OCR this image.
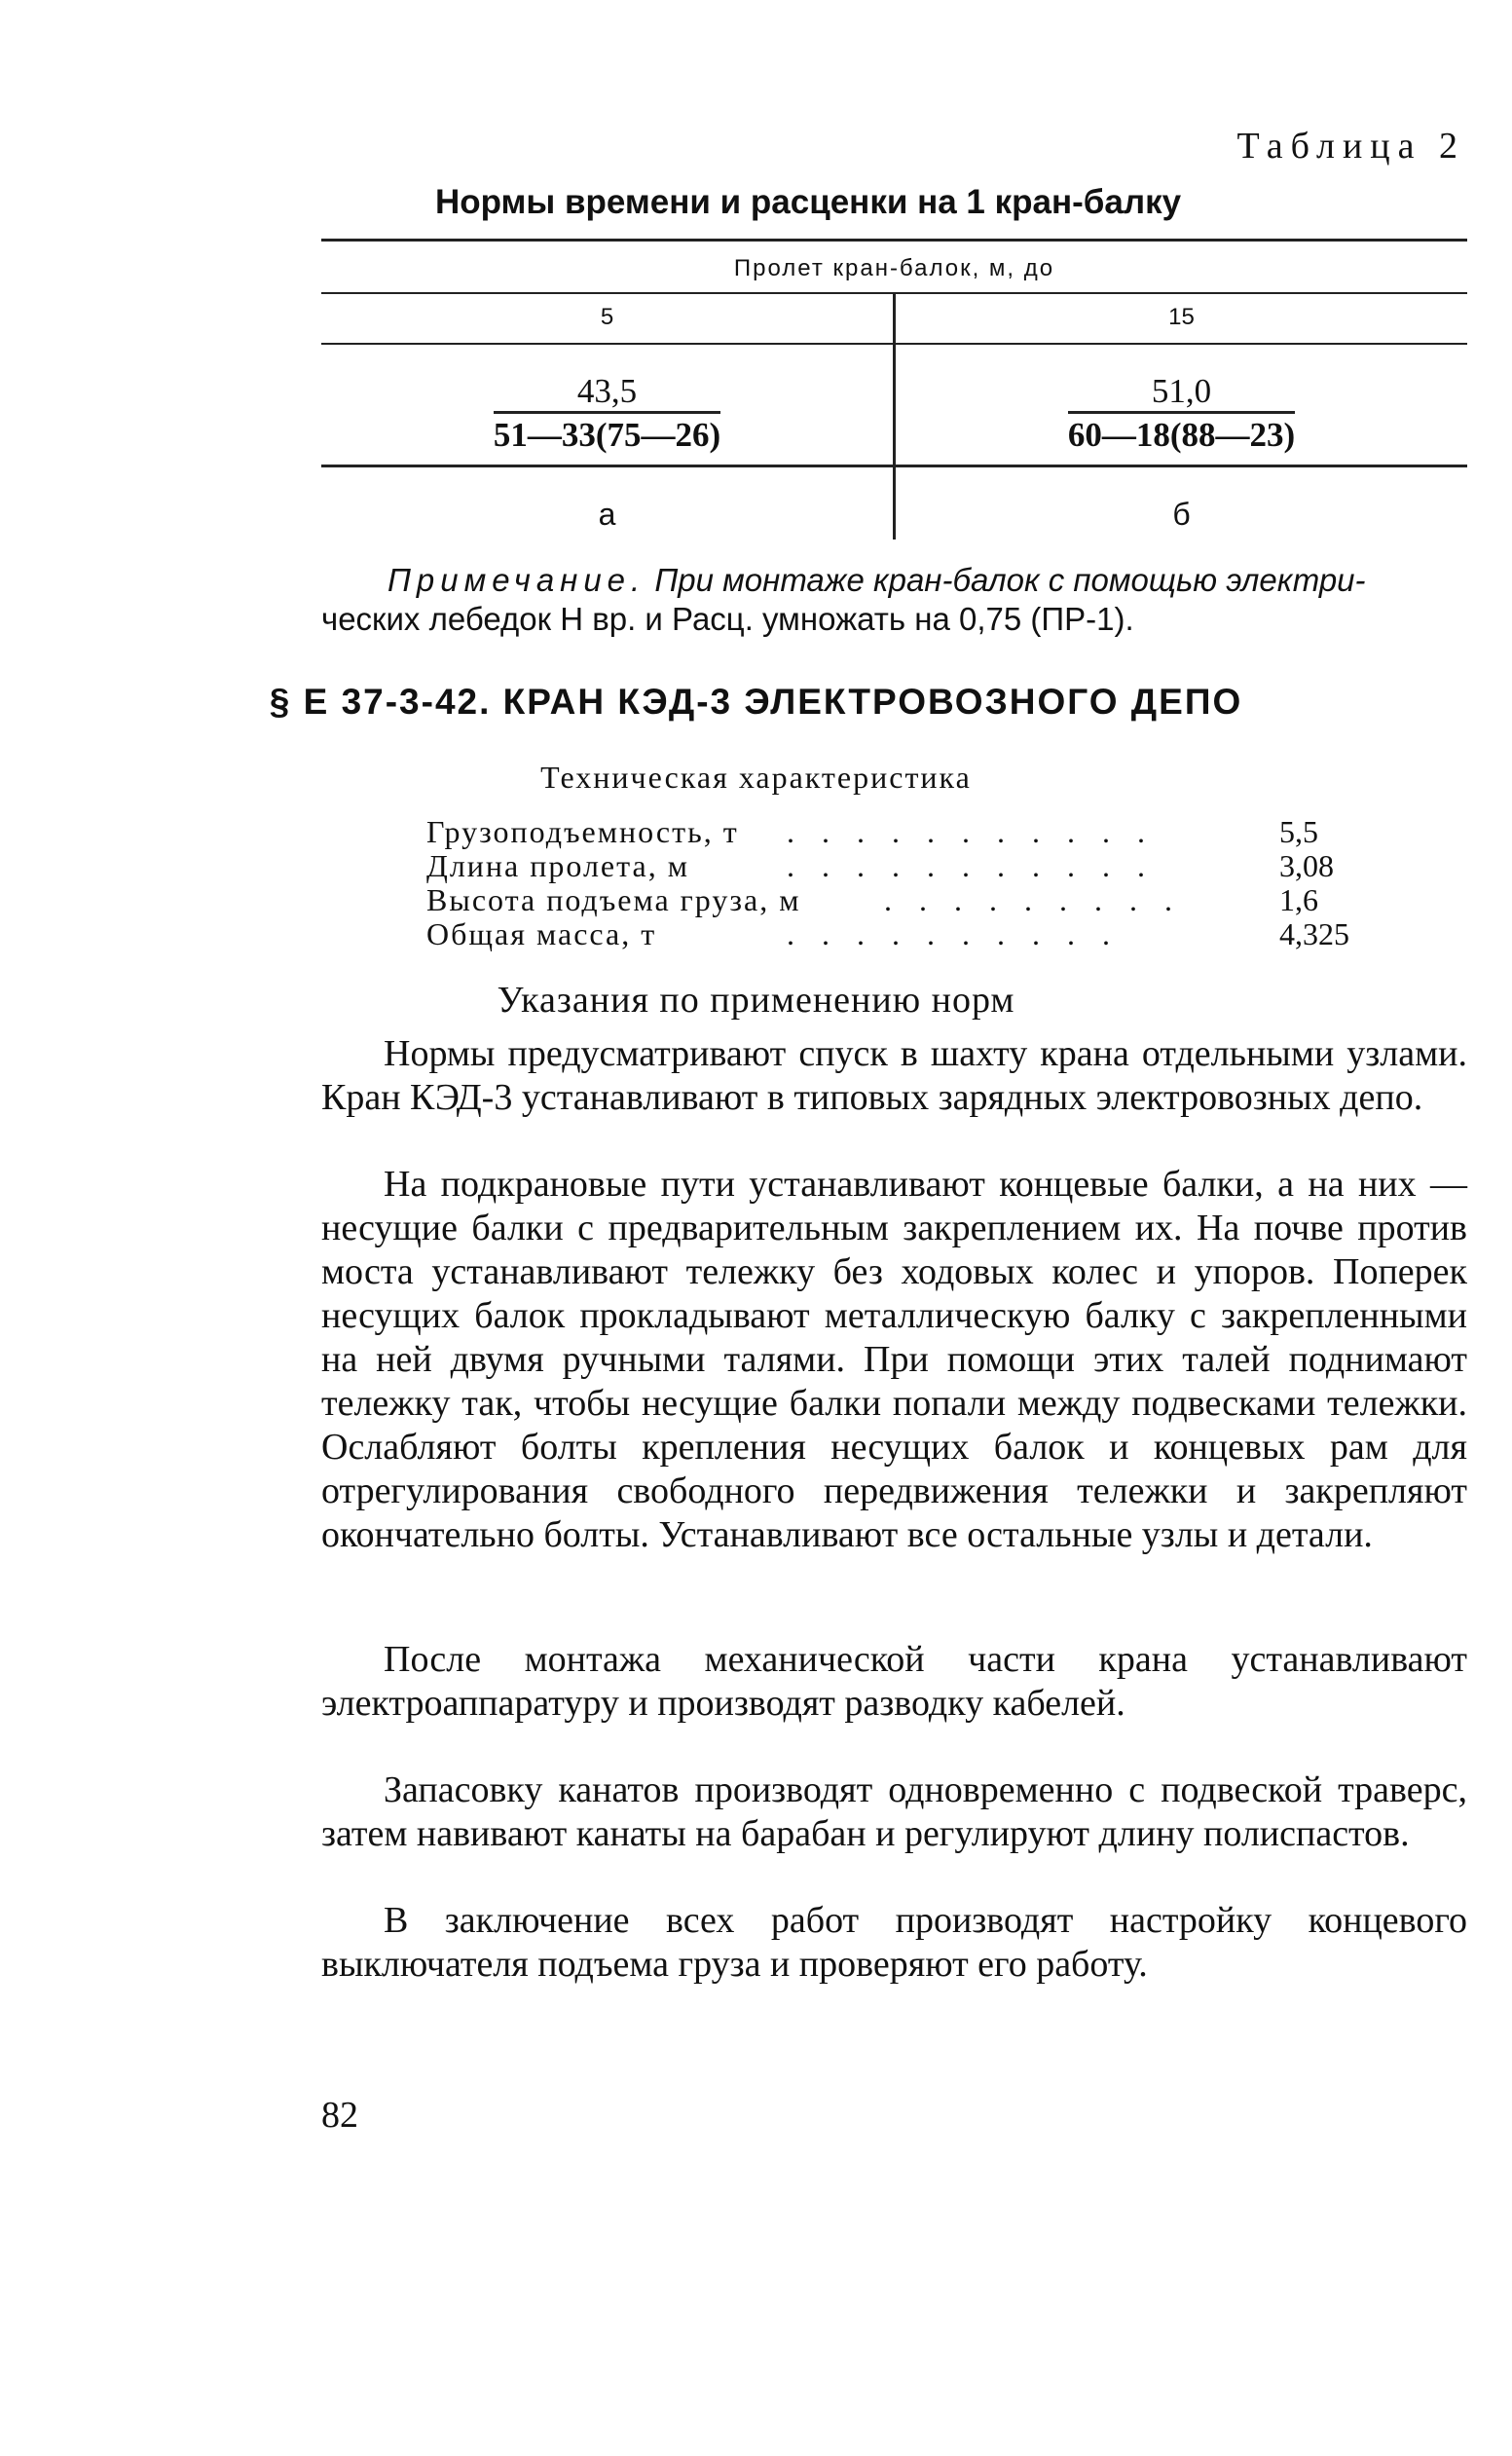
Таблица 2
Нормы времени и расценки на 1 кран-балку
Пролет кран-балок, м, до
5	15
$\frac{43,5}{51—33(75—26)}$	$\frac{51,0}{60—18(88—23)}$
а	б
Примечание. При монтаже кран-балок с помощью электри-
ческих лебедок Н вр. и Расц. умножать на 0,75 (ПР-1).
§ Е 37-3-42. КРАН КЭД-3 ЭЛЕКТРОВОЗНОГО ДЕПО
Техническая характеристика
Грузоподъемность, т . . . . . . . . . . .	5,5
Длина пролета, м	. . . . . . . . . . .	3,08
Высота подъема груза, м	. . . . . . . . .	1,6
Общая масса, т	. . . . . . . . . .	4,325
Указания по применению норм

Нормы предусматривают спуск в шахту крана отдельными узлами. Кран КЭД-3 устанавливают в типовых зарядных электровозных депо.

На подкрановые пути устанавливают концевые балки, а на них — несущие балки с предварительным закреплением их. На почве против моста устанавливают тележку без ходовых колес и упоров. Поперек несущих балок прокладывают металлическую балку с закрепленными на ней двумя ручными талями. При помощи этих талей поднимают тележку так, чтобы несущие балки попали между подвесками тележки. Ослабляют болты крепления несущих балок и концевых рам для отрегулирования свободного передвижения тележки и закрепляют окончательно болты. Устанавливают все остальные узлы и детали.

После монтажа механической части крана устанавливают электроаппаратуру и производят разводку кабелей.

Запасовку канатов производят одновременно с подвеской траверс, затем навивают канаты на барабан и регулируют длину полиспастов.

В заключение всех работ производят настройку концевого выключателя подъема груза и проверяют его работу.

82
